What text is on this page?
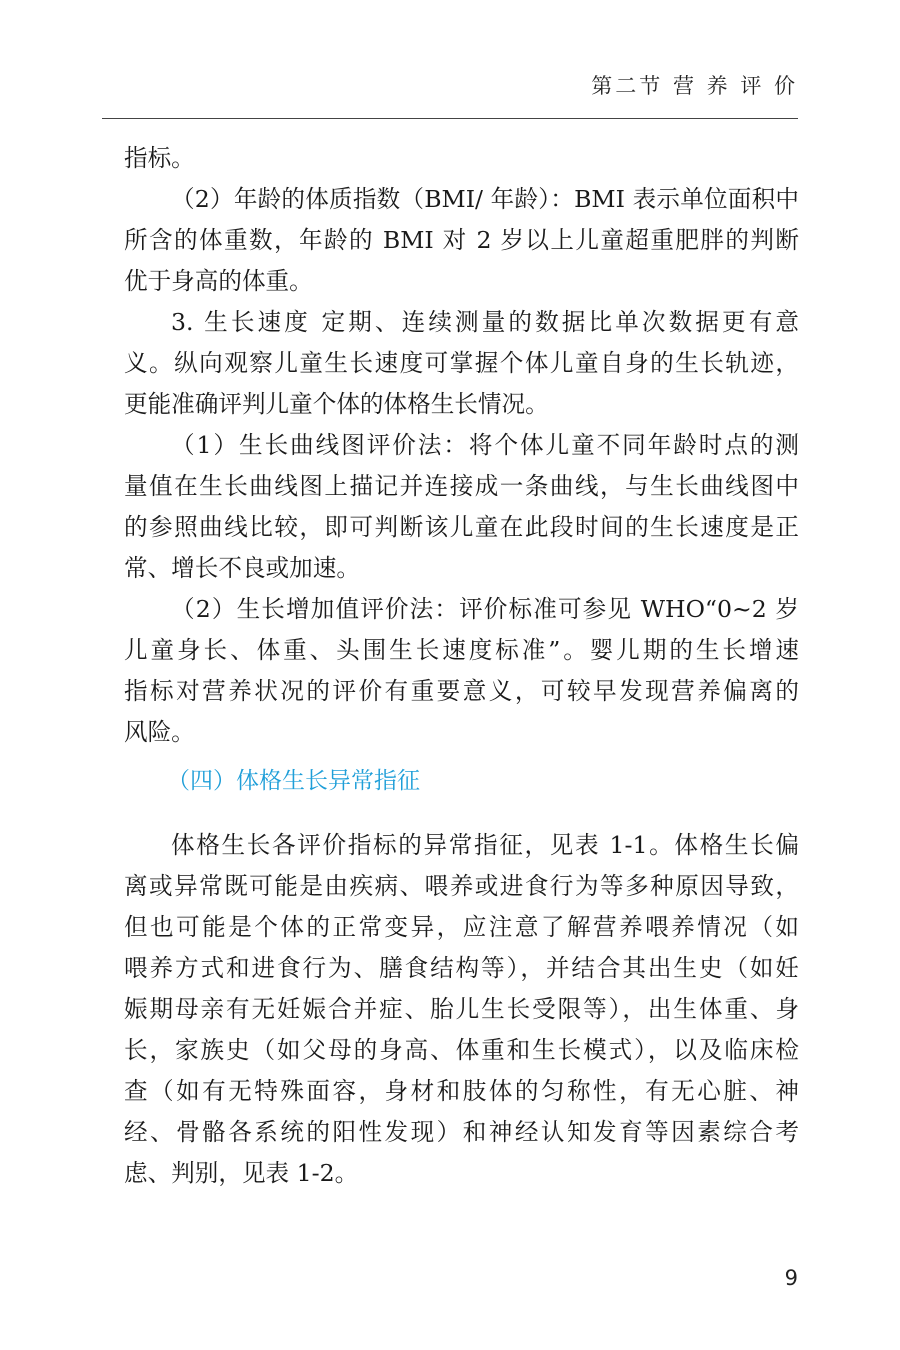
第二节 营 养 评 价
指标。
（2）年龄的体质指数（BMI/ 年龄）：BMI 表示单位面积中
所含的体重数，年龄的 BMI 对 2 岁以上儿童超重肥胖的判断
优于身高的体重。
3. 生长速度 定期、连续测量的数据比单次数据更有意
义。纵向观察儿童生长速度可掌握个体儿童自身的生长轨迹，
更能准确评判儿童个体的体格生长情况。
（1）生长曲线图评价法：将个体儿童不同年龄时点的测
量值在生长曲线图上描记并连接成一条曲线，与生长曲线图中
的参照曲线比较，即可判断该儿童在此段时间的生长速度是正
常、增长不良或加速。
（2）生长增加值评价法：评价标准可参见 WHO“0~2 岁
儿童身长、体重、头围生长速度标准”。婴儿期的生长增速
指标对营养状况的评价有重要意义，可较早发现营养偏离的
风险。
（四）体格生长异常指征
体格生长各评价指标的异常指征，见表 1-1。体格生长偏
离或异常既可能是由疾病、喂养或进食行为等多种原因导致，
但也可能是个体的正常变异，应注意了解营养喂养情况（如
喂养方式和进食行为、膳食结构等），并结合其出生史（如妊
娠期母亲有无妊娠合并症、胎儿生长受限等），出生体重、身
长，家族史（如父母的身高、体重和生长模式），以及临床检
查（如有无特殊面容，身材和肢体的匀称性，有无心脏、神
经、骨骼各系统的阳性发现）和神经认知发育等因素综合考
虑、判别，见表 1-2。
9
